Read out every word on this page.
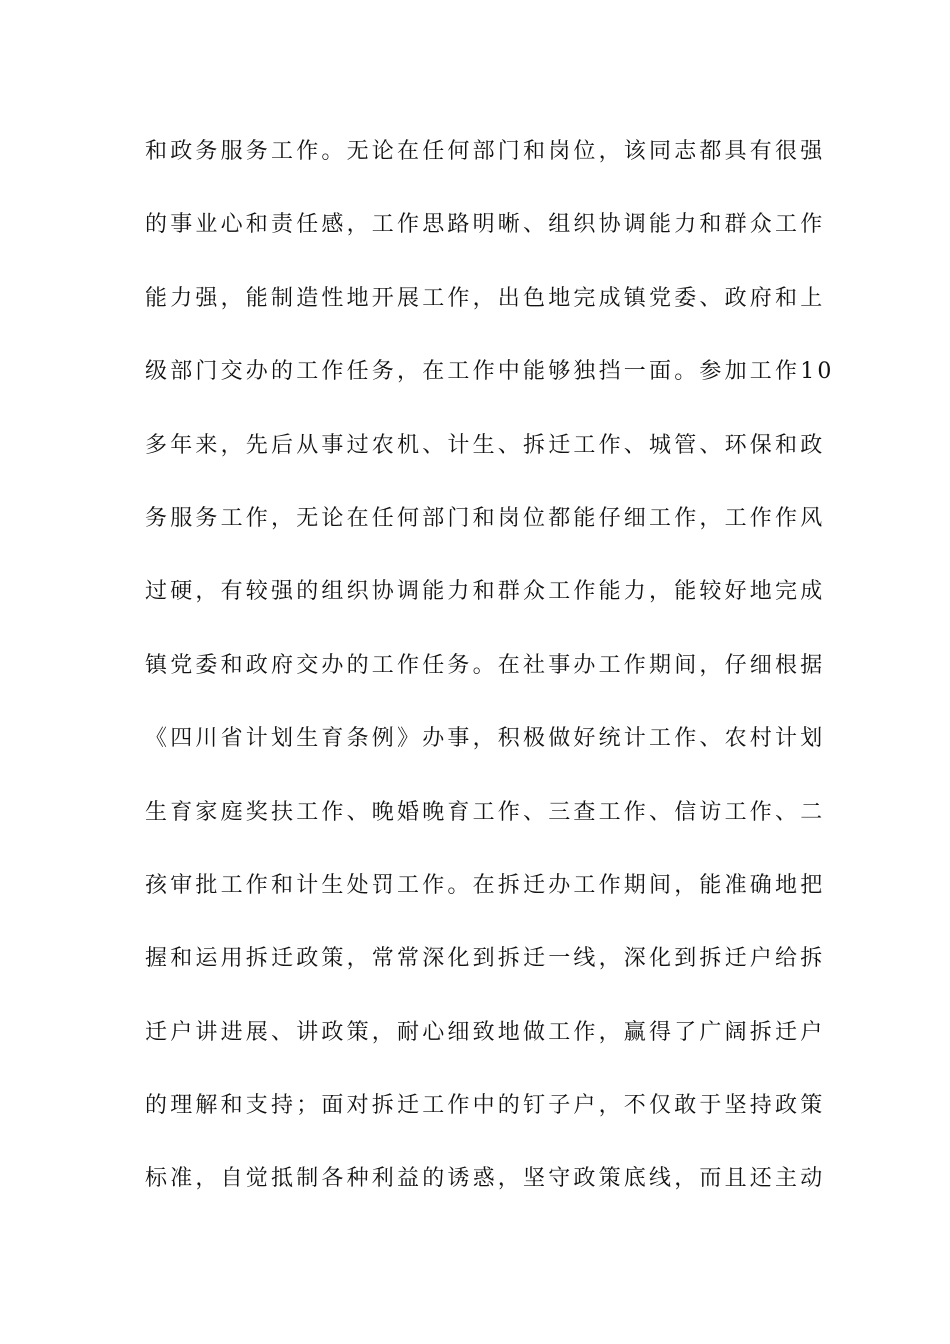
和政务服务工作。无论在任何部门和岗位，该同志都具有很强
的事业心和责任感，工作思路明晰、组织协调能力和群众工作
能力强，能制造性地开展工作，出色地完成镇党委、政府和上
级部门交办的工作任务，在工作中能够独挡一面。参加工作10
多年来，先后从事过农机、计生、拆迁工作、城管、环保和政
务服务工作，无论在任何部门和岗位都能仔细工作，工作作风
过硬，有较强的组织协调能力和群众工作能力，能较好地完成
镇党委和政府交办的工作任务。在社事办工作期间，仔细根据
《四川省计划生育条例》办事，积极做好统计工作、农村计划
生育家庭奖扶工作、晚婚晚育工作、三查工作、信访工作、二
孩审批工作和计生处罚工作。在拆迁办工作期间，能准确地把
握和运用拆迁政策，常常深化到拆迁一线，深化到拆迁户给拆
迁户讲进展、讲政策，耐心细致地做工作，赢得了广阔拆迁户
的理解和支持；面对拆迁工作中的钉子户，不仅敢于坚持政策
标准，自觉抵制各种利益的诱惑，坚守政策底线，而且还主动
